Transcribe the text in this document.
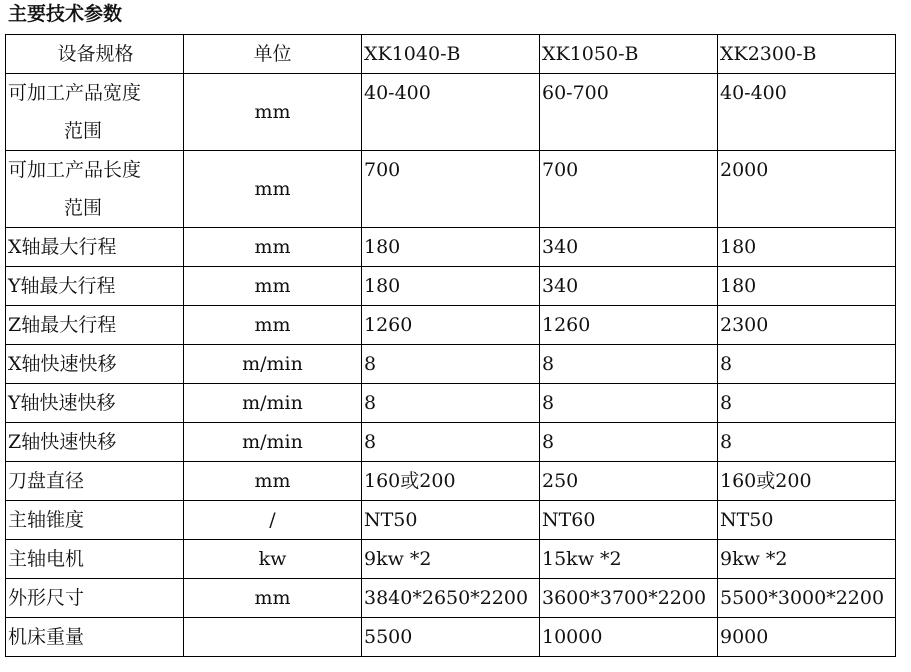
主要技术参数
设备规格	单位	XK1040-B	XK1050-B	XK2300-B
可加工产品宽度
范围	mm	40-400	60-700	40-400
可加工产品长度
范围	mm	700	700	2000
X轴最大行程	mm	180	340	180
Y轴最大行程	mm	180	340	180
Z轴最大行程	mm	1260	1260	2300
X轴快速快移	m/min	8	8	8
Y轴快速快移	m/min	8	8	8
Z轴快速快移	m/min	8	8	8
刀盘直径	mm	160或200	250	160或200
主轴锥度	/	NT50	NT60	NT50
主轴电机	kw	9kw *2	15kw *2	9kw *2
外形尺寸	mm	3840*2650*2200	3600*3700*2200	5500*3000*2200
机床重量		5500	10000	9000
